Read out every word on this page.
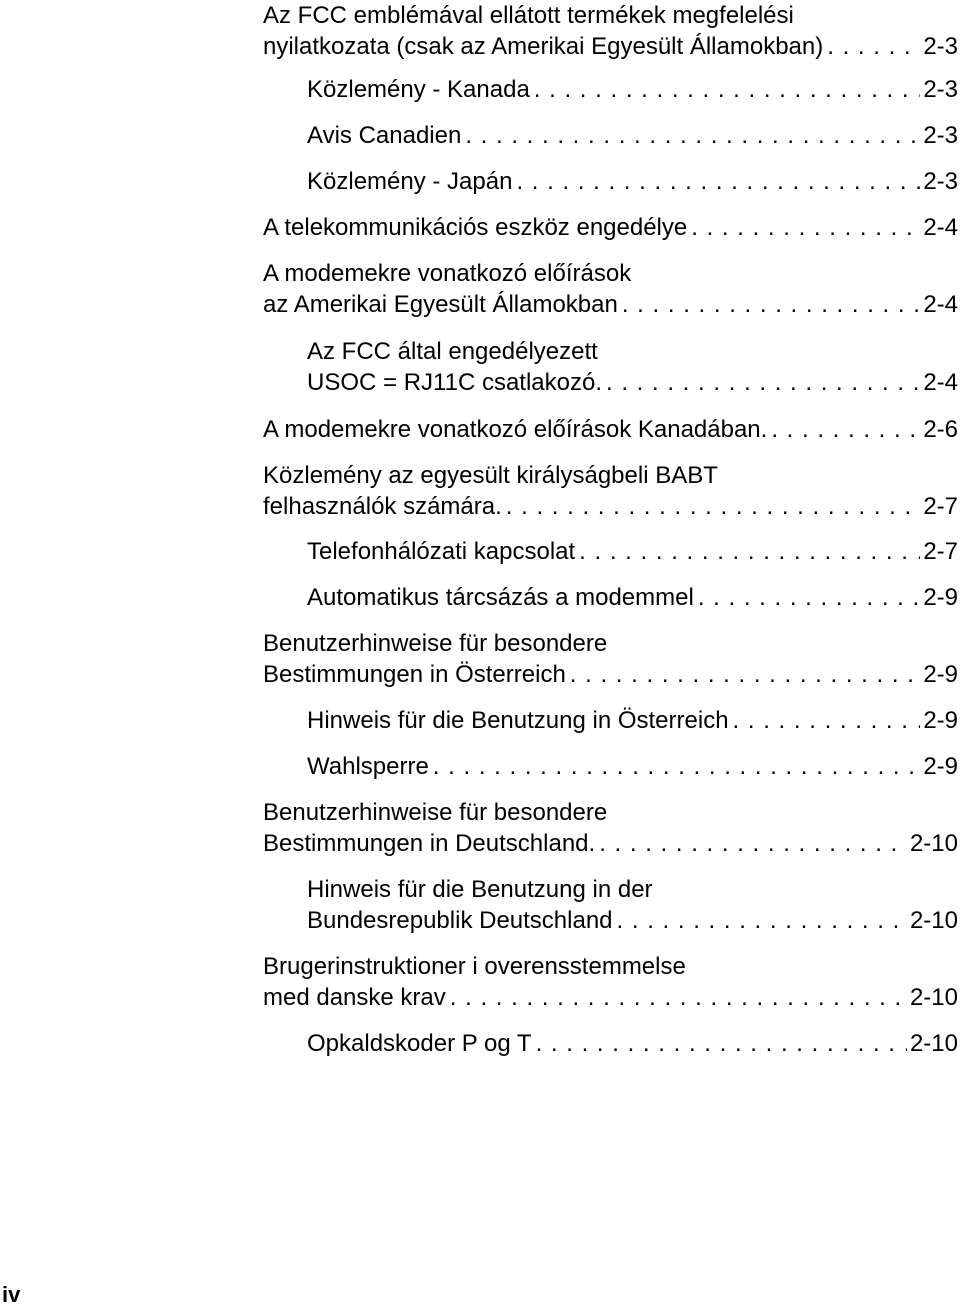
Az FCC emblémával ellátott termékek megfelelési
nyilatkozata (csak az Amerikai Egyesült Államokban) . . .	2-3
Közlemény - Kanada . . .	2-3
Avis Canadien . . .	2-3
Közlemény - Japán . . .	2-3
A telekommunikációs eszköz engedélye . . .	2-4
A modemekre vonatkozó előírások
az Amerikai Egyesült Államokban . . .	2-4
Az FCC által engedélyezett
USOC = RJ11C csatlakozó. . . .	2-4
A modemekre vonatkozó előírások Kanadában. . . .	2-6
Közlemény az egyesült királyságbeli BABT
felhasználók számára. . . .	2-7
Telefonhálózati kapcsolat . . .	2-7
Automatikus tárcsázás a modemmel . . .	2-9
Benutzerhinweise für besondere
Bestimmungen in Österreich . . .	2-9
Hinweis für die Benutzung in Österreich . . .	2-9
Wahlsperre . . .	2-9
Benutzerhinweise für besondere
Bestimmungen in Deutschland. . . .	2-10
Hinweis für die Benutzung in der
Bundesrepublik Deutschland . . .	2-10
Brugerinstruktioner i overensstemmelse
med danske krav . . .	2-10
Opkaldskoder P og T . . .	2-10
iv
